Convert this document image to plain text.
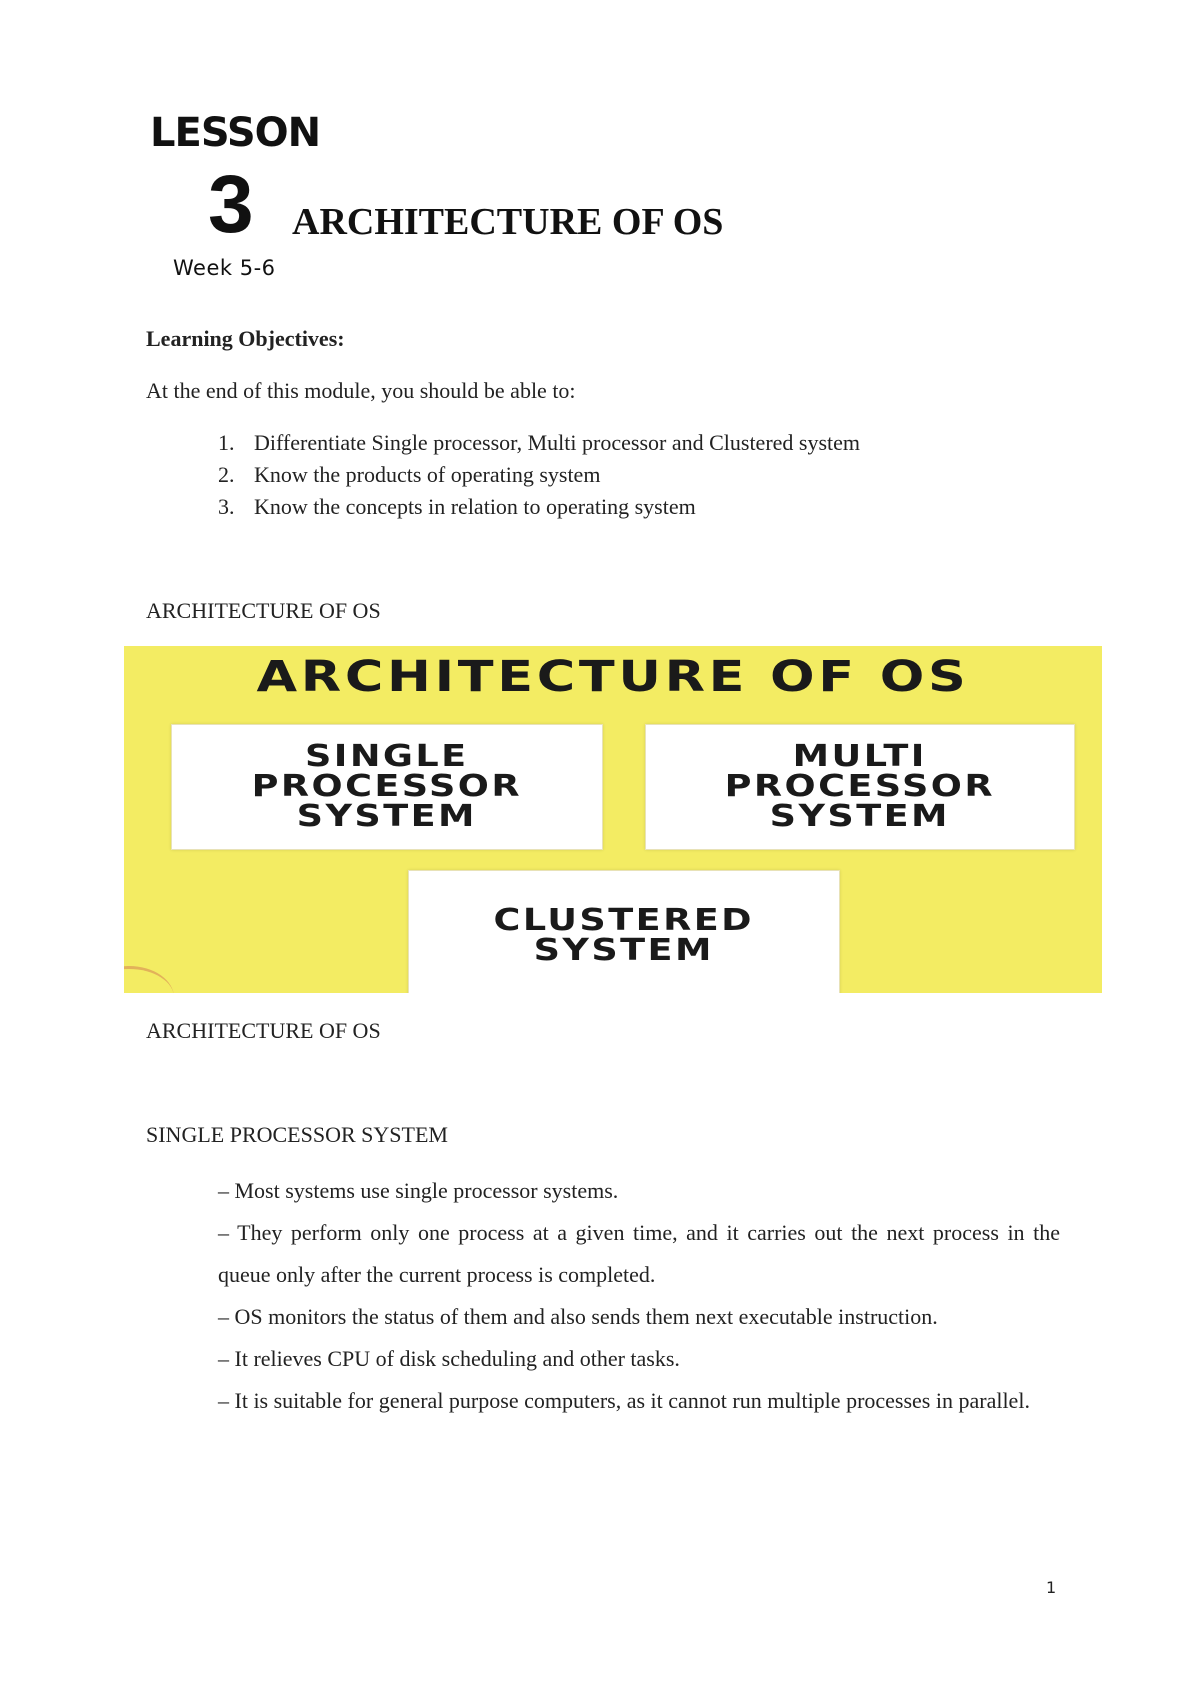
LESSON
3 ARCHITECTURE OF OS
Week 5-6
Learning Objectives:
At the end of this module, you should be able to:
1. Differentiate Single processor, Multi processor and Clustered system
2. Know the products of operating system
3. Know the concepts in relation to operating system
ARCHITECTURE OF OS
ARCHITECTURE OF OS
SINGLE
PROCESSOR
SYSTEM
MULTI
PROCESSOR
SYSTEM
CLUSTERED
SYSTEM
ARCHITECTURE OF OS
SINGLE PROCESSOR SYSTEM

– Most systems use single processor systems.

– They perform only one process at a given time, and it carries out the next process in the queue only after the current process is completed.

– OS monitors the status of them and also sends them next executable instruction.

– It relieves CPU of disk scheduling and other tasks.

– It is suitable for general purpose computers, as it cannot run multiple processes in parallel.

1
